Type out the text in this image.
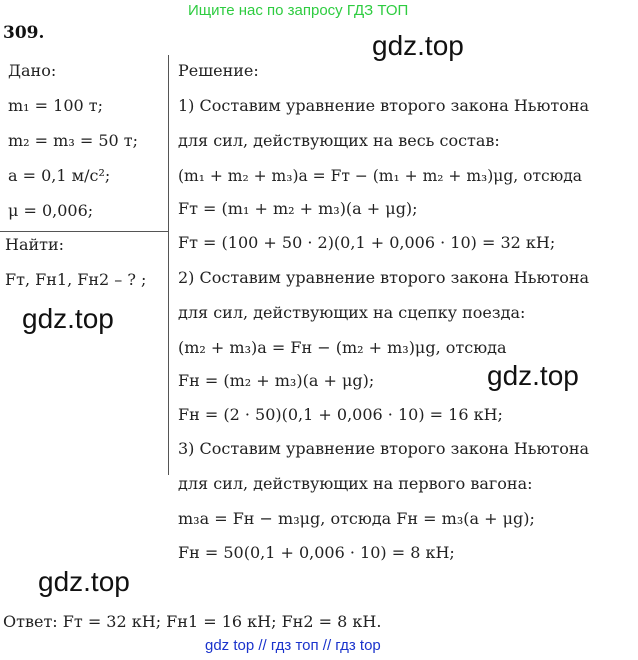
Ищите нас по запросу ГДЗ ТОП
309.	gdz.top
gdz.top
gdz.top
gdz.top
Дано:
m₁ = 100 т;
m₂ = m₃ = 50 т;
a = 0,1 м/с²;
μ = 0,006;
Найти:
Fт, Fн1, Fн2 – ? ;
Решение:
1) Составим уравнение второго закона Ньютона
для сил, действующих на весь состав:
(m₁ + m₂ + m₃)a = Fт − (m₁ + m₂ + m₃)μg, отсюда
Fт = (m₁ + m₂ + m₃)(a + μg);
Fт = (100 + 50 · 2)(0,1 + 0,006 · 10) = 32 кН;
2) Составим уравнение второго закона Ньютона
для сил, действующих на сцепку поезда:
(m₂ + m₃)a = Fн − (m₂ + m₃)μg, отсюда
Fн = (m₂ + m₃)(a + μg);
Fн = (2 · 50)(0,1 + 0,006 · 10) = 16 кН;
3) Составим уравнение второго закона Ньютона
для сил, действующих на первого вагона:
m₃a = Fн − m₃μg, отсюда Fн = m₃(a + μg);
Fн = 50(0,1 + 0,006 · 10) = 8 кН;
Ответ: Fт = 32 кН; Fн1 = 16 кН; Fн2 = 8 кН.
gdz top // гдз топ // гдз top
